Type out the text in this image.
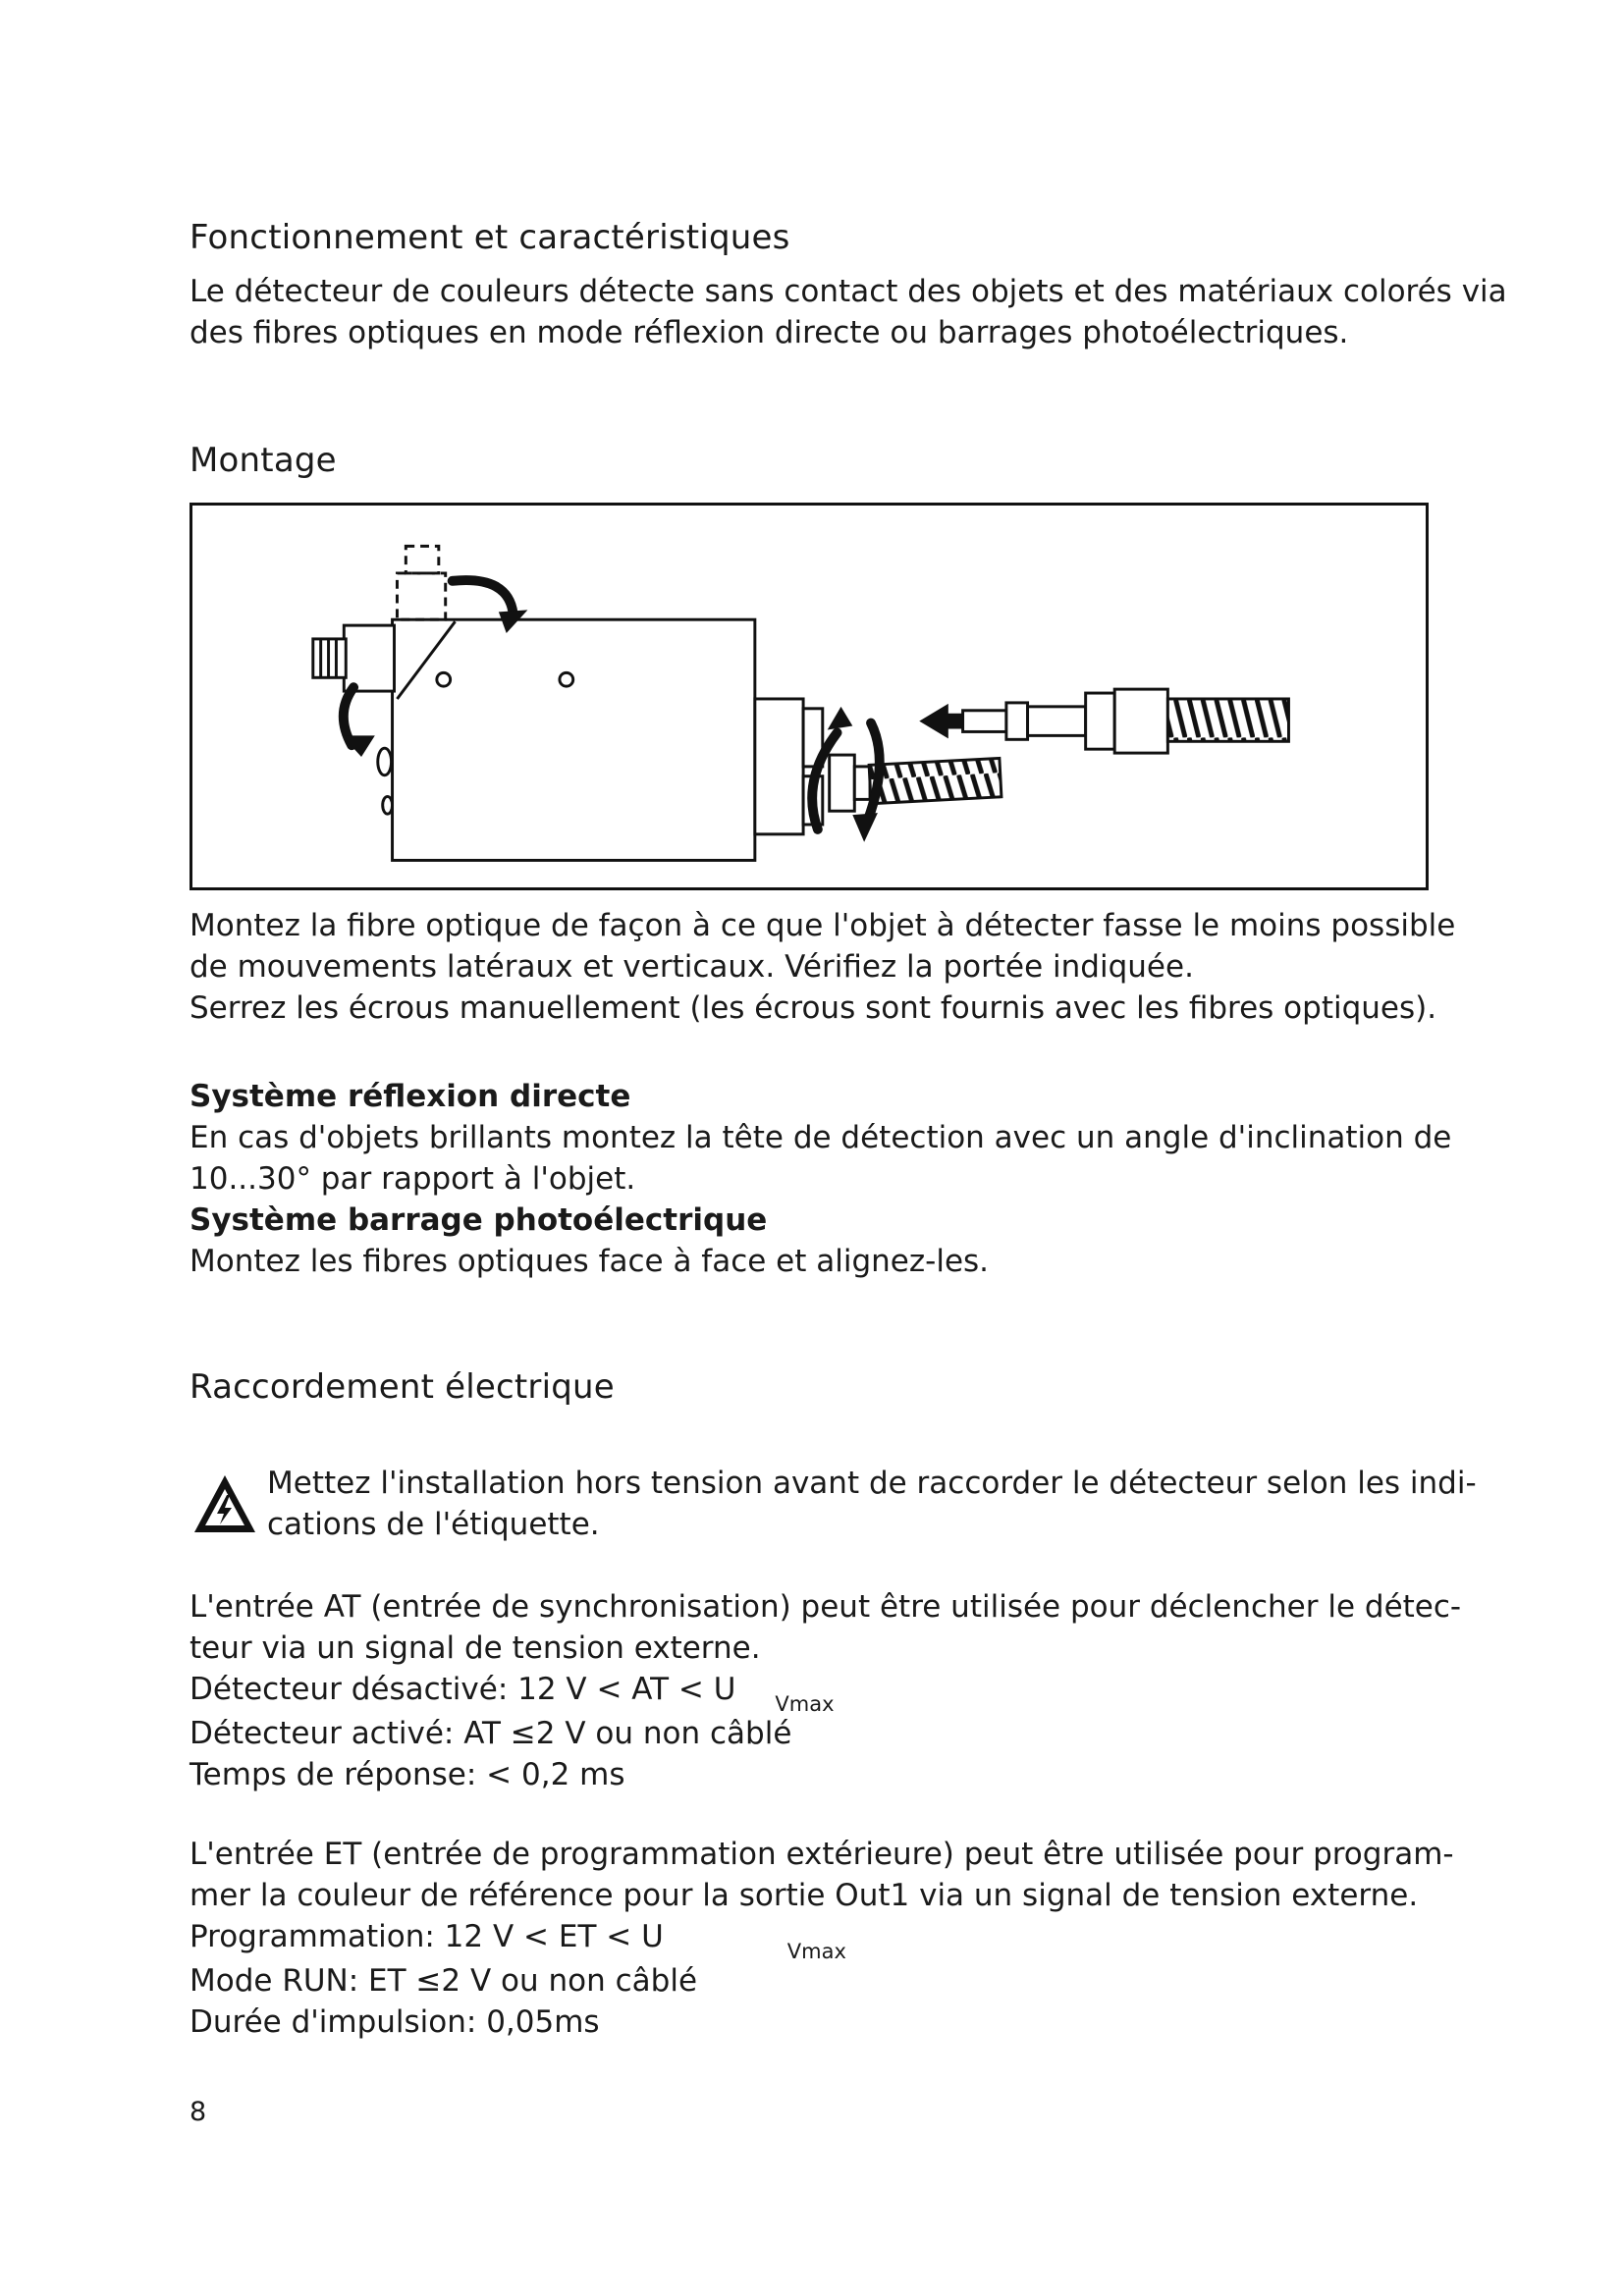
Fonctionnement et caractéristiques
Le détecteur de couleurs détecte sans contact des objets et des matériaux colorés via
des fibres optiques en mode réflexion directe ou barrages photoélectriques.
Montage
Montez la fibre optique de façon à ce que l'objet à détecter fasse le moins possible
de mouvements latéraux et verticaux. Vérifiez la portée indiquée.
Serrez les écrous manuellement (les écrous sont fournis avec les fibres optiques).
Système réflexion directe
En cas d'objets brillants montez la tête de détection avec un angle d'inclination de
10...30° par rapport à l'objet.
Système barrage photoélectrique
Montez les fibres optiques face à face et alignez-les.
Raccordement électrique
Mettez l'installation hors tension avant de raccorder le détecteur selon les indi-
cations de l'étiquette.
L'entrée AT (entrée de synchronisation) peut être utilisée pour déclencher le détec-
teur via un signal de tension externe.
Détecteur désactivé: 12 V < AT < U $_{Vmax}$
Détecteur activé: AT ≤2 V ou non câblé
Temps de réponse: < 0,2 ms
L'entrée ET (entrée de programmation extérieure) peut être utilisée pour program-
mer la couleur de référence pour la sortie Out1 via un signal de tension externe.
Programmation: 12 V < ET < U	$_{Vmax}$
Mode RUN: ET ≤2 V ou non câblé
Durée d'impulsion: 0,05ms
8
